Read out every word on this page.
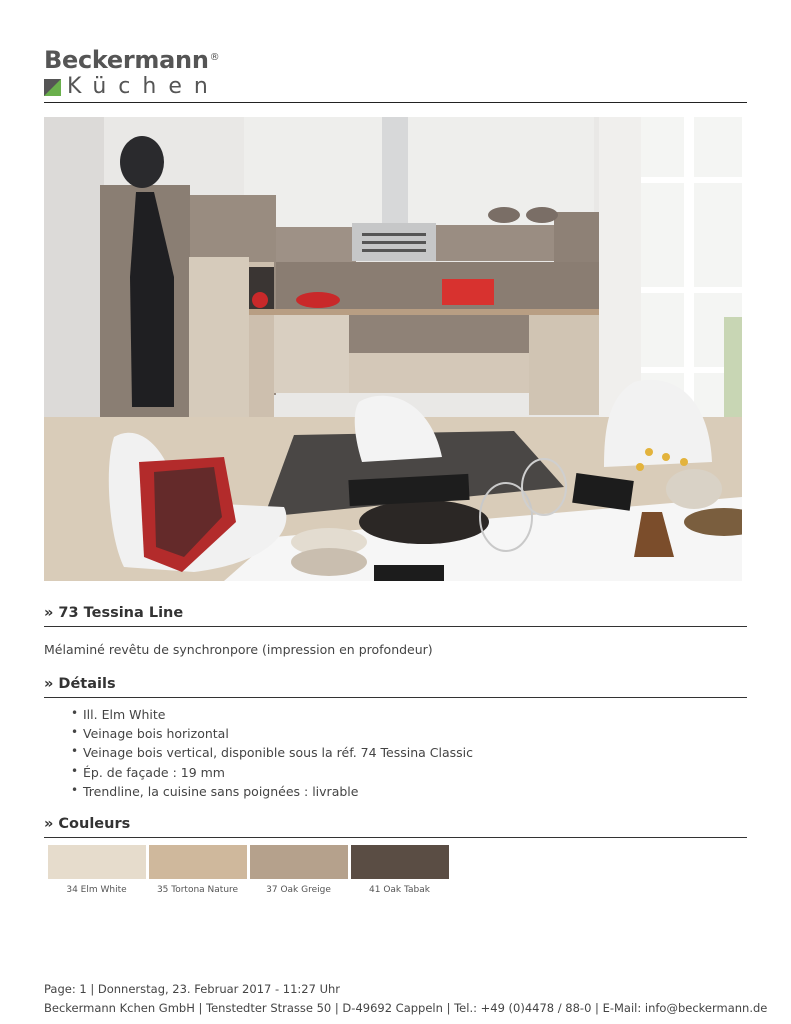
Beckermann®
Küchen
» 73 Tessina Line
Mélaminé revêtu de synchronpore (impression en profondeur)
» Détails
• Ill. Elm White
• Veinage bois horizontal
• Veinage bois vertical, disponible sous la réf. 74 Tessina Classic
• Ép. de façade : 19 mm
• Trendline, la cuisine sans poignées : livrable
» Couleurs
34 Elm White	35 Tortona Nature	37 Oak Greige	41 Oak Tabak
Page: 1 | Donnerstag, 23. Februar 2017 - 11:27 Uhr
Beckermann Kchen GmbH | Tenstedter Strasse 50 | D-49692 Cappeln | Tel.: +49 (0)4478 / 88-0 | E-Mail: info@beckermann.de
